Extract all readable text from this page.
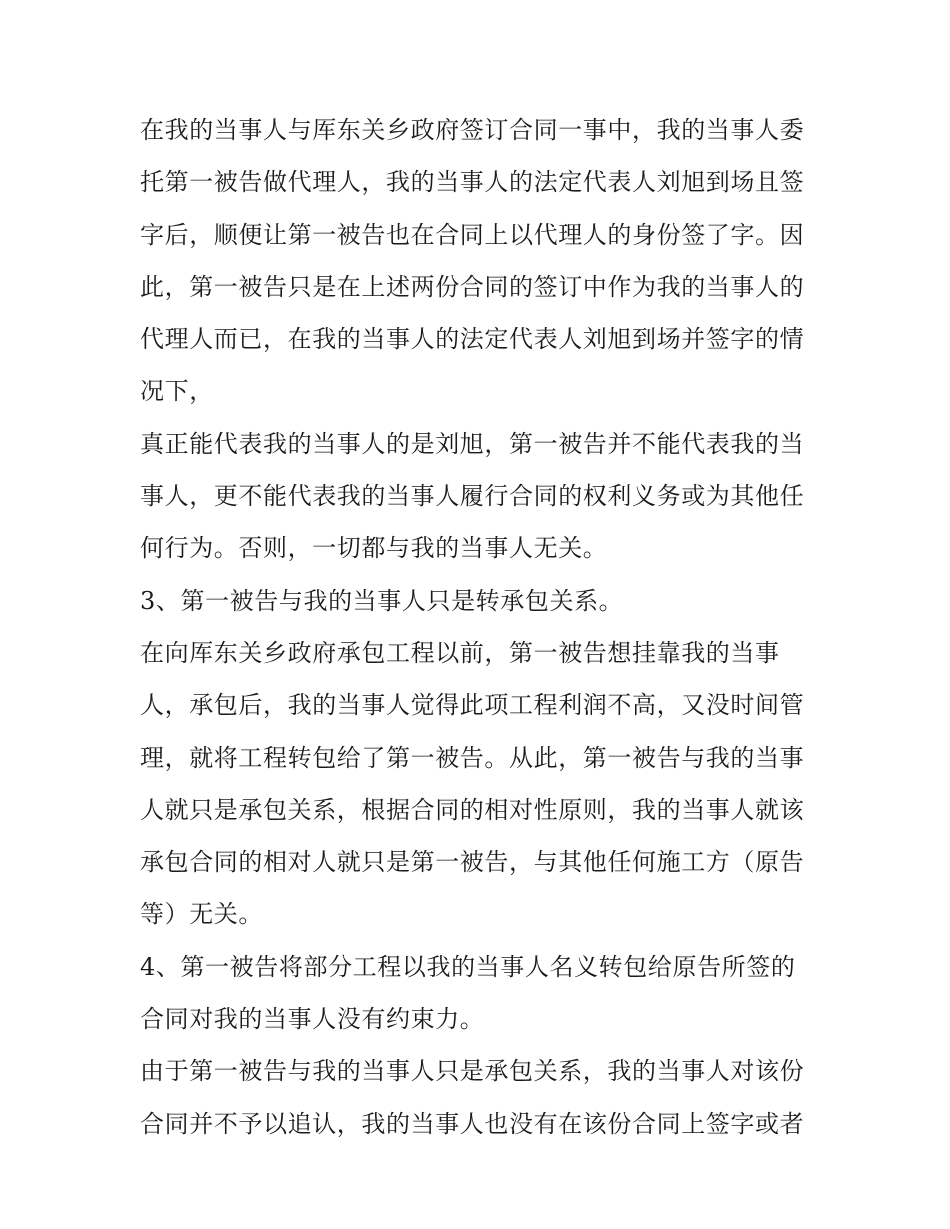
在我的当事人与厍东关乡政府签订合同一事中，我的当事人委
托第一被告做代理人，我的当事人的法定代表人刘旭到场且签
字后，顺便让第一被告也在合同上以代理人的身份签了字。因
此，第一被告只是在上述两份合同的签订中作为我的当事人的
代理人而已，在我的当事人的法定代表人刘旭到场并签字的情
况下，
真正能代表我的当事人的是刘旭，第一被告并不能代表我的当
事人，更不能代表我的当事人履行合同的权利义务或为其他任
何行为。否则，一切都与我的当事人无关。
3、第一被告与我的当事人只是转承包关系。
在向厍东关乡政府承包工程以前，第一被告想挂靠我的当事
人，承包后，我的当事人觉得此项工程利润不高，又没时间管
理，就将工程转包给了第一被告。从此，第一被告与我的当事
人就只是承包关系，根据合同的相对性原则，我的当事人就该
承包合同的相对人就只是第一被告，与其他任何施工方（原告
等）无关。
4、第一被告将部分工程以我的当事人名义转包给原告所签的
合同对我的当事人没有约束力。
由于第一被告与我的当事人只是承包关系，我的当事人对该份
合同并不予以追认，我的当事人也没有在该份合同上签字或者
